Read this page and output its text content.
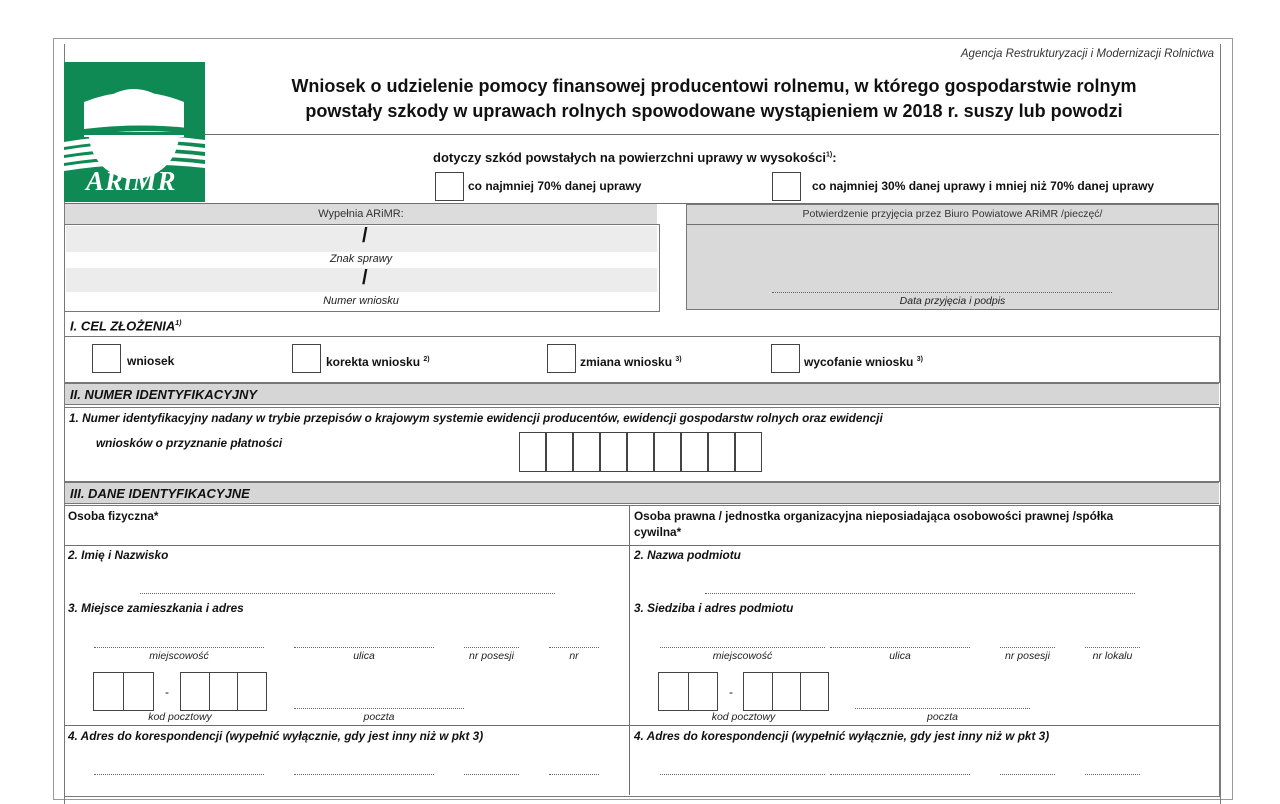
ARiMR
Agencja Restrukturyzacji i Modernizacji Rolnictwa
Wniosek o udzielenie pomocy finansowej producentowi rolnemu, w którego gospodarstwie rolnym
powstały szkody w uprawach rolnych spowodowane wystąpieniem w 2018 r. suszy lub powodzi
dotyczy szkód powstałych na powierzchni uprawy w wysokości$^{1)}$:
co najmniej 70% danej uprawy	co najmniej 30% danej uprawy i mniej niż 70% danej uprawy
Wypełnia ARiMR:
/
Znak sprawy
/
Numer wniosku
Potwierdzenie przyjęcia przez Biuro Powiatowe ARiMR /pieczęć/
Data przyjęcia i podpis
I. CEL ZŁOŻENIA$^{1)}$
wniosek	korekta wniosku $^{2)}$	zmiana wniosku $^{3)}$	wycofanie wniosku $^{3)}$
II. NUMER IDENTYFIKACYJNY
1. Numer identyfikacyjny nadany w trybie przepisów o krajowym systemie ewidencji producentów, ewidencji gospodarstw rolnych oraz ewidencji
wniosków o przyznanie płatności
III. DANE IDENTYFIKACYJNE
Osoba fizyczna*	Osoba prawna / jednostka organizacyjna nieposiadająca osobowości prawnej /spółka
cywilna*
2. Imię i Nazwisko	2. Nazwa podmiotu
3. Miejsce zamieszkania i adres	3. Siedziba i adres podmiotu
miejscowość	ulica	nr posesji	nr
-
kod pocztowy	poczta
miejscowość	ulica	nr posesji	nr lokalu
-
kod pocztowy	poczta
4. Adres do korespondencji (wypełnić wyłącznie, gdy jest inny niż w pkt 3)	4. Adres do korespondencji (wypełnić wyłącznie, gdy jest inny niż w pkt 3)
